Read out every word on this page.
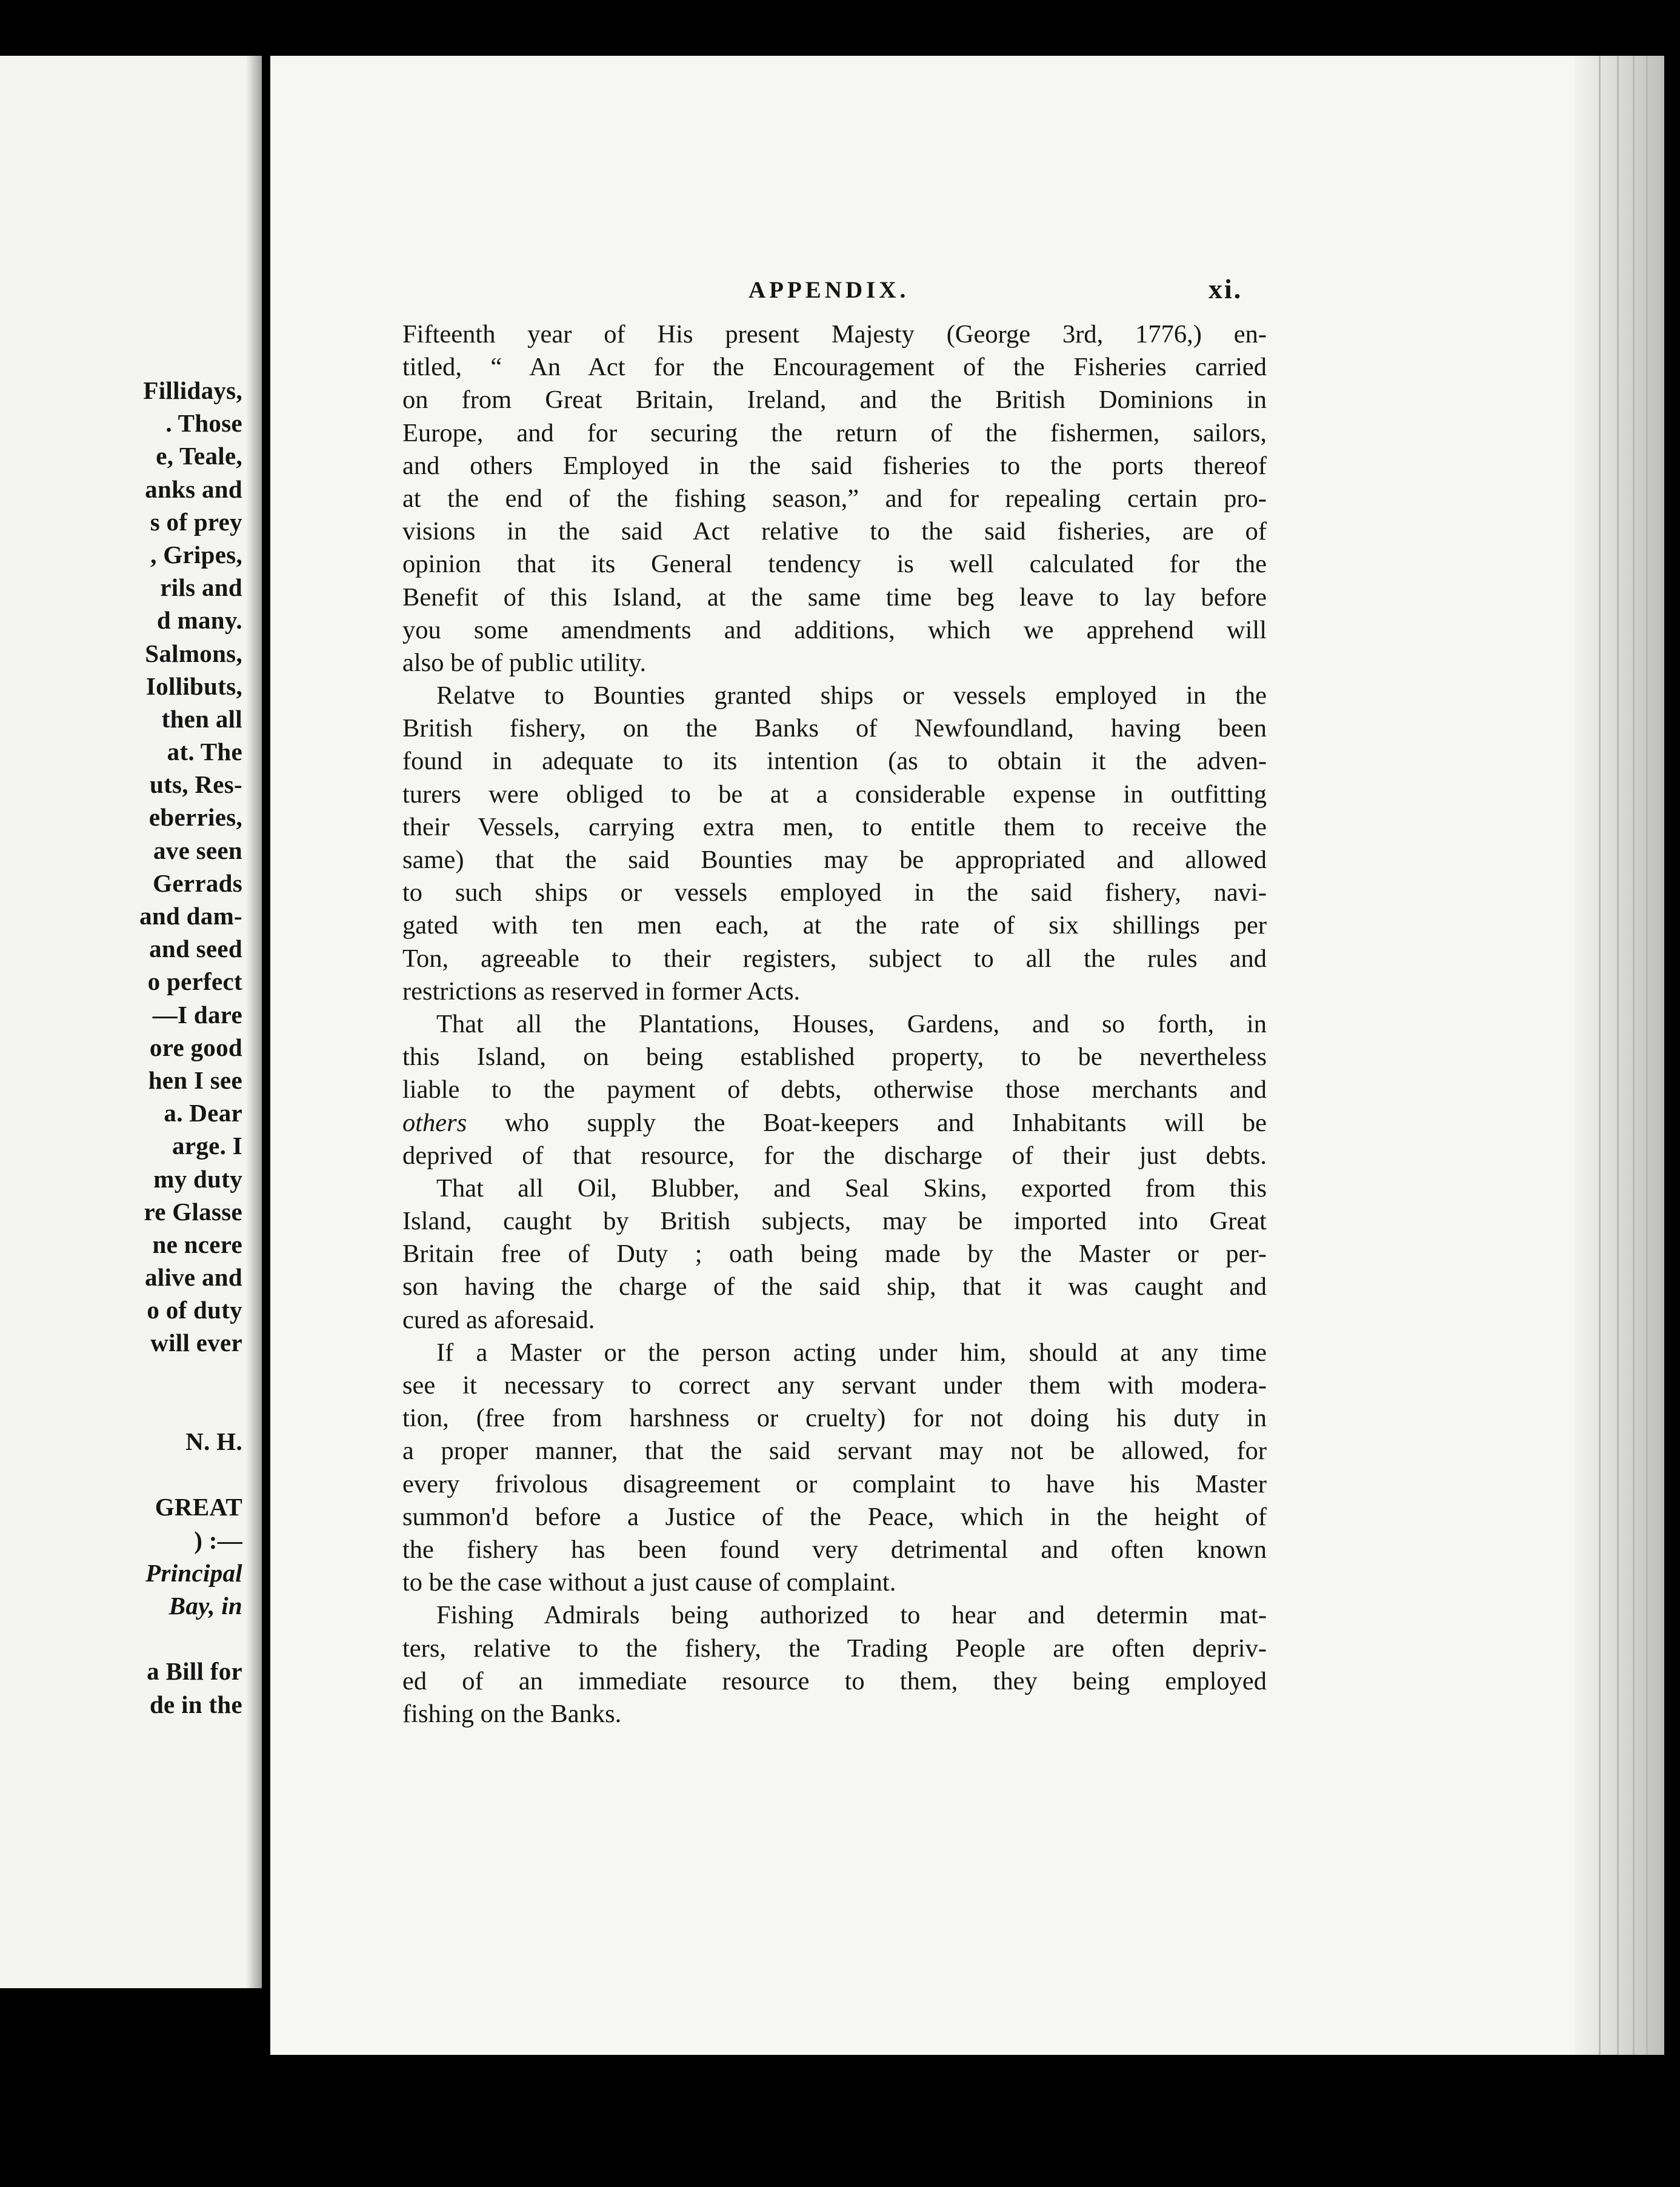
Fillidays,
. Those
e, Teale,
anks and
s of prey
, Gripes,
rils and
d many.
Salmons,
Iollibuts,
then all
at. The
uts, Res-
eberries,
ave seen
Gerrads
and dam-
and seed
o perfect
—I dare
ore good
hen I see
a. Dear
arge. I
my duty
re Glasse
ne ncere
alive and
o of duty
will ever
N. H.
GREAT
) :—
Principal
Bay, in
a Bill for
de in the
APPENDIX.	xi.
Fifteenth year of His present Majesty (George 3rd, 1776,) en-
titled, “ An Act for the Encouragement of the Fisheries carried
on from Great Britain, Ireland, and the British Dominions in
Europe, and for securing the return of the fishermen, sailors,
and others Employed in the said fisheries to the ports thereof
at the end of the fishing season,” and for repealing certain pro-
visions in the said Act relative to the said fisheries, are of
opinion that its General tendency is well calculated for the
Benefit of this Island, at the same time beg leave to lay before
you some amendments and additions, which we apprehend will
also be of public utility.
Relatve to Bounties granted ships or vessels employed in the
British fishery, on the Banks of Newfoundland, having been
found in adequate to its intention (as to obtain it the adven-
turers were obliged to be at a considerable expense in outfitting
their Vessels, carrying extra men, to entitle them to receive the
same) that the said Bounties may be appropriated and allowed
to such ships or vessels employed in the said fishery, navi-
gated with ten men each, at the rate of six shillings per
Ton, agreeable to their registers, subject to all the rules and
restrictions as reserved in former Acts.
That all the Plantations, Houses, Gardens, and so forth, in
this Island, on being established property, to be nevertheless
liable to the payment of debts, otherwise those merchants and
others who supply the Boat-keepers and Inhabitants will be
deprived of that resource, for the discharge of their just debts.
That all Oil, Blubber, and Seal Skins, exported from this
Island, caught by British subjects, may be imported into Great
Britain free of Duty ; oath being made by the Master or per-
son having the charge of the said ship, that it was caught and
cured as aforesaid.
If a Master or the person acting under him, should at any time
see it necessary to correct any servant under them with modera-
tion, (free from harshness or cruelty) for not doing his duty in
a proper manner, that the said servant may not be allowed, for
every frivolous disagreement or complaint to have his Master
summon'd before a Justice of the Peace, which in the height of
the fishery has been found very detrimental and often known
to be the case without a just cause of complaint.
Fishing Admirals being authorized to hear and determin mat-
ters, relative to the fishery, the Trading People are often depriv-
ed of an immediate resource to them, they being employed
fishing on the Banks.
